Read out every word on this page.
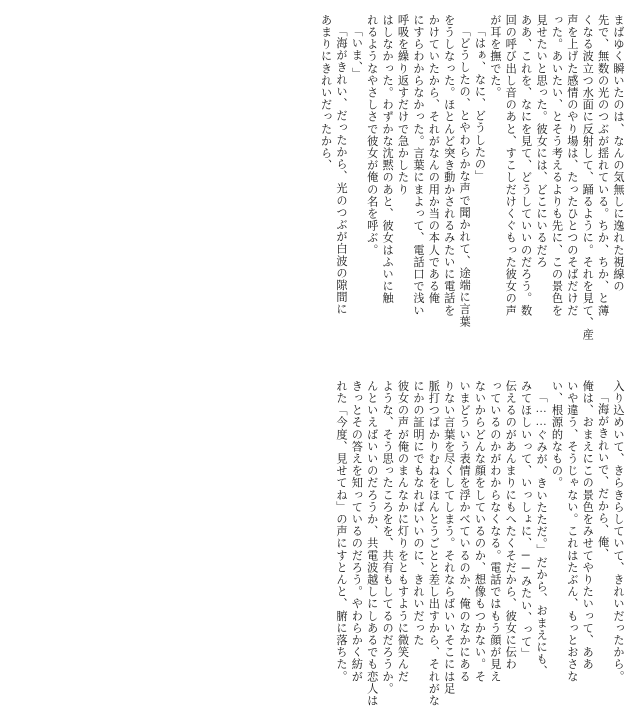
まばゆく瞬いたのは、なんの気無しに逸れた視線の
先で、無数の光のつぶが揺れている。ちか、ちか、と薄
くなる波立つ水面に反射して、踊るように。それを見て、産
声を上げた感情のやり場は、たったひとつのそばだけだ
った。あいたい、とそう考えるよりも先に、この景色を
見せたいと思った。彼女には、どこにいるだろ
ああ、これを、なにを見て、どうしていいのだろう。数
回の呼び出し音のあと、すこしだけくぐもった彼女の声
が耳を撫でた。
「はぁ、なに、どうしたの」
「どうしたの、とやわらかな声で聞かれて、途端に言葉
をうしなった。ほとんど突き動かされるみたいに電話を
かけていたから、それがなんの用か当の本人である俺
にすらわからなかった。言葉にまよって、電話口で浅い
呼吸を繰り返すだけで急かしたり
はしなかった。わずかな沈黙のあと、彼女はふいに触
れるようなやさしさで彼女が俺の名を呼ぶ。
「いま、」
「海がきれい、だったから、光のつぶが白波の隙間に
あまりにきれいだったから、
入り込めいて、きらきらしていて、きれいだったから。
「海がきれいで、だから、俺、
俺は、おまえにこの景色をみせてやりたいって、ああ
いや違う、そうじゃない。これはたぶん、もっとおさな
い、根源的なもの。
「……ぐみが、きいたただ。」だから、おまえにも、
みてほしいって、いっしょに、──みたい、って」
伝えるのがあんまりにもへたくそだから、彼女に伝わ
っているのかがわからなくなる。電話ではもう顔が見え
ないからどんな顔をしているのか、想像もつかない。そ
いまどういう表情を浮かべているのか、俺のなかにある
りない言葉を尽くしてしまう。それならばいいそこには足
脈打つばかりむねをほんとうごとと差し出すから、それがな
にかの証明にでもなればいいのに、きれいだった
彼女の声が俺のまんなかに灯りをともすように微笑んだ
ような、そう思ったころをを、共有もしてるのだろうか。
んといえばいいのだろうか、共電波越しにしあるでも恋人は
きっとその答えを知っているのだろう。やわらかく紡が
れた「今度、見せてね」の声にすとんと、腑に落ちた。
